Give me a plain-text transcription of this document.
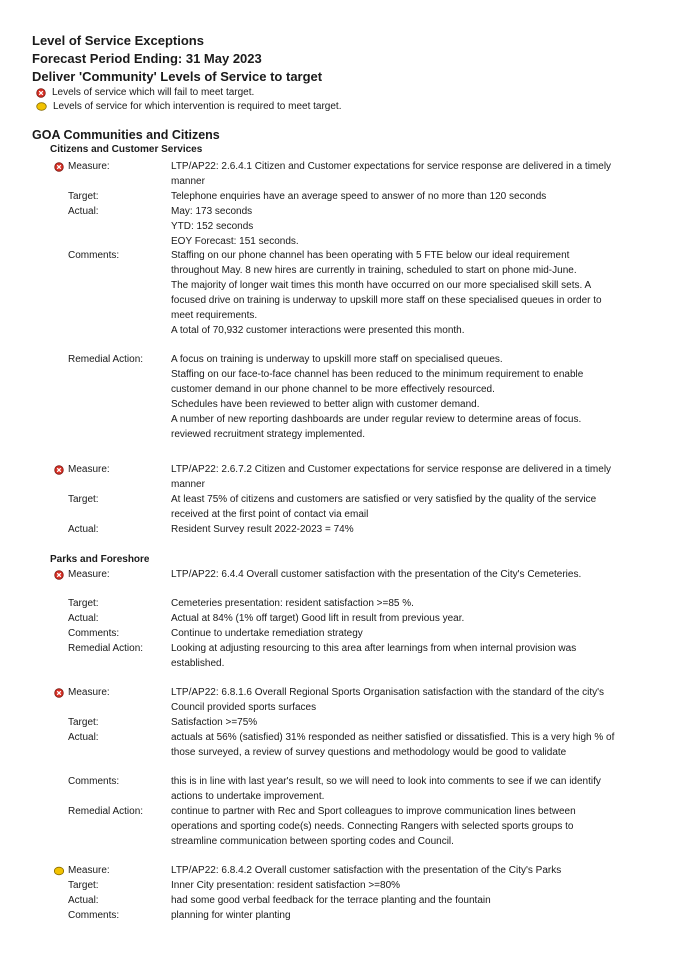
Level of Service Exceptions
Forecast Period Ending: 31 May 2023
Deliver 'Community' Levels of Service to target
Levels of service which will fail to meet target.
Levels of service for which intervention is required to meet target.
GOA Communities and Citizens
Citizens and Customer Services
Measure:	LTP/AP22: 2.6.4.1 Citizen and Customer expectations for service response are delivered in a timely
manner
Target:	Telephone enquiries have an average speed to answer of no more than 120 seconds
Actual:	May: 173 seconds
YTD: 152 seconds
EOY Forecast: 151 seconds.
Comments:	Staffing on our phone channel has been operating with 5 FTE below our ideal requirement
throughout May. 8 new hires are currently in training, scheduled to start on phone mid-June.
The majority of longer wait times this month have occurred on our more specialised skill sets. A
focused drive on training is underway to upskill more staff on these specialised queues in order to
meet requirements.
A total of 70,932 customer interactions were presented this month.
Remedial Action:	A focus on training is underway to upskill more staff on specialised queues.
Staffing on our face-to-face channel has been reduced to the minimum requirement to enable
customer demand in our phone channel to be more effectively resourced.
Schedules have been reviewed to better align with customer demand.
A number of new reporting dashboards are under regular review to determine areas of focus.
reviewed recruitment strategy implemented.
Measure:	LTP/AP22: 2.6.7.2 Citizen and Customer expectations for service response are delivered in a timely
manner
Target:	At least 75% of citizens and customers are satisfied or very satisfied by the quality of the service
received at the first point of contact via email
Actual:	Resident Survey result 2022-2023 = 74%
Parks and Foreshore
Measure:	LTP/AP22: 6.4.4 Overall customer satisfaction with the presentation of the City's Cemeteries.
Target:	Cemeteries presentation: resident satisfaction >=85 %.
Actual:	Actual at 84% (1% off target) Good lift in result from previous year.
Comments:	Continue to undertake remediation strategy
Remedial Action:	Looking at adjusting resourcing to this area after learnings from when internal provision was
established.
Measure:	LTP/AP22: 6.8.1.6 Overall Regional Sports Organisation satisfaction with the standard of the city's
Council provided sports surfaces
Target:	Satisfaction >=75%
Actual:	actuals at 56% (satisfied) 31% responded as neither satisfied or dissatisfied. This is a very high % of
those surveyed, a review of survey questions and methodology would be good to validate
Comments:	this is in line with last year's result, so we will need to look into comments to see if we can identify
actions to undertake improvement.
Remedial Action:	continue to partner with Rec and Sport colleagues to improve communication lines between
operations and sporting code(s) needs. Connecting Rangers with selected sports groups to
streamline communication between sporting codes and Council.
Measure:	LTP/AP22: 6.8.4.2 Overall customer satisfaction with the presentation of the City's Parks
Target:	Inner City presentation: resident satisfaction >=80%
Actual:	had some good verbal feedback for the terrace planting and the fountain
Comments:	planning for winter planting
